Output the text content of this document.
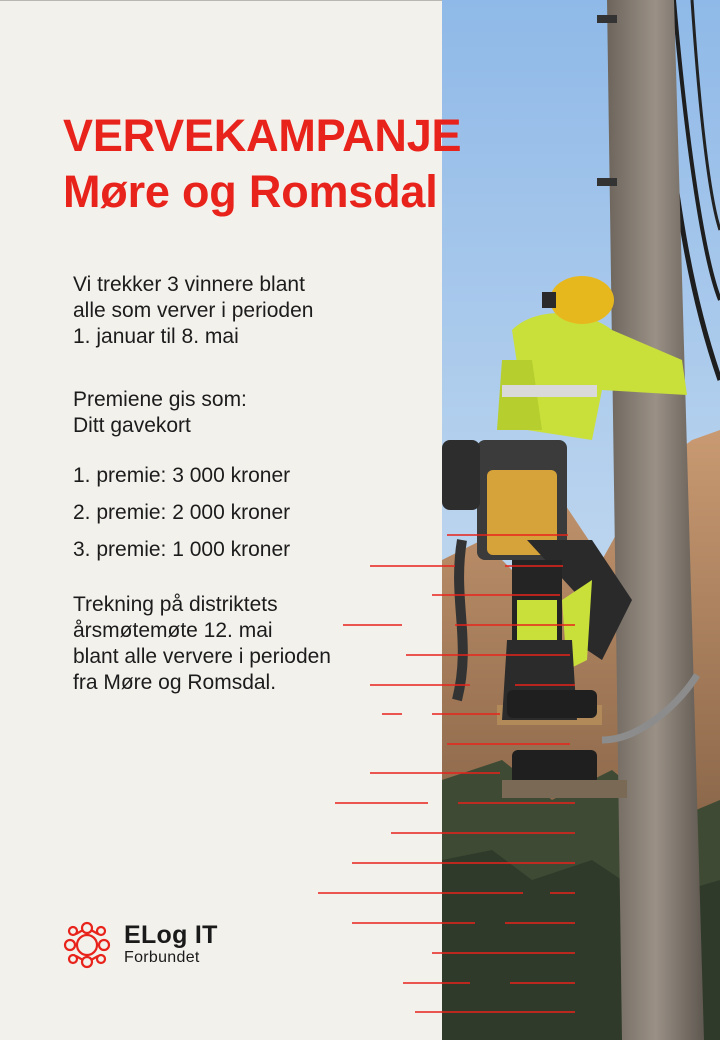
VERVEKAMPANJE
Møre og Romsdal

Vi trekker 3 vinnere blant
alle som verver i perioden
1. januar til 8. mai

Premiene gis som:
Ditt gavekort

1. premie: 3 000 kroner
2. premie: 2 000 kroner
3. premie: 1 000 kroner

Trekning på distriktets
årsmøtemøte 12. mai
blant alle ververe i perioden
fra Møre og Romsdal.

ELog IT
Forbundet
